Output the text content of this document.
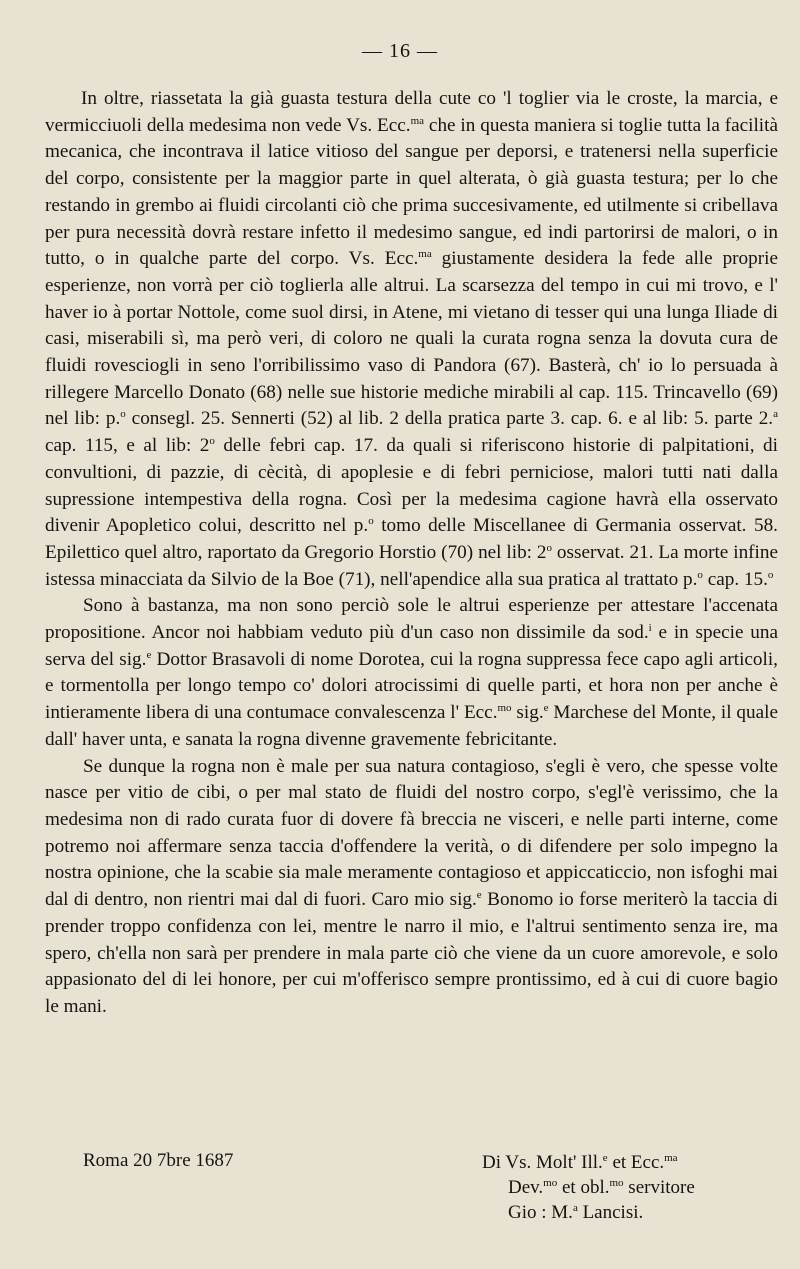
— 16 —

In oltre, riassetata la già guasta testura della cute co 'l toglier via le croste, la marcia, e vermicciuoli della medesima non vede Vs. Ecc.$^{ma}$ che in questa maniera si toglie tutta la facilità mecanica, che incontrava il latice vitioso del sangue per deporsi, e tratenersi nella superficie del corpo, consistente per la maggior parte in quel alterata, ò già guasta testura; per lo che restando in grembo ai fluidi circolanti ciò che prima succesivamente, ed utilmente si cribellava per pura necessità dovrà restare infetto il medesimo sangue, ed indi partorirsi de malori, o in tutto, o in qualche parte del corpo. Vs. Ecc.$^{ma}$ giustamente desidera la fede alle proprie esperienze, non vorrà per ciò toglierla alle altrui. La scarsezza del tempo in cui mi trovo, e l' haver io à portar Nottole, come suol dirsi, in Atene, mi vietano di tesser qui una lunga Iliade di casi, miserabili sì, ma però veri, di coloro ne quali la curata rogna senza la dovuta cura de fluidi rovesciogli in seno l'orribilissimo vaso di Pandora (67). Basterà, ch' io lo persuada à rillegere Marcello Donato (68) nelle sue historie mediche mirabili al cap. 115. Trincavello (69) nel lib: p.$^o$ consegl. 25. Sennerti (52) al lib. 2 della pratica parte 3. cap. 6. e al lib: 5. parte 2.$^a$ cap. 115, e al lib: 2$^o$ delle febri cap. 17. da quali si riferiscono historie di palpitationi, di convultioni, di pazzie, di cècità, di apoplesie e di febri perniciose, malori tutti nati dalla supressione intempestiva della rogna. Così per la medesima cagione havrà ella osservato divenir Apopletico colui, descritto nel p.$^o$ tomo delle Miscellanee di Germania osservat. 58. Epilettico quel altro, raportato da Gregorio Horstio (70) nel lib: 2$^o$ osservat. 21. La morte infine istessa minacciata da Silvio de la Boe (71), nell'apendice alla sua pratica al trattato p.$^o$ cap. 15.$^o$

Sono à bastanza, ma non sono perciò sole le altrui esperienze per attestare l'accenata propositione. Ancor noi habbiam veduto più d'un caso non dissimile da sod.$^i$ e in specie una serva del sig.$^e$ Dottor Brasavoli di nome Dorotea, cui la rogna suppressa fece capo agli articoli, e tormentolla per longo tempo co' dolori atrocissimi di quelle parti, et hora non per anche è intieramente libera di una contumace convalescenza l' Ecc.$^{mo}$ sig.$^e$ Marchese del Monte, il quale dall' haver unta, e sanata la rogna divenne gravemente febricitante.

Se dunque la rogna non è male per sua natura contagioso, s'egli è vero, che spesse volte nasce per vitio de cibi, o per mal stato de fluidi del nostro corpo, s'egl'è verissimo, che la medesima non di rado curata fuor di dovere fà breccia ne visceri, e nelle parti interne, come potremo noi affermare senza taccia d'offendere la verità, o di difendere per solo impegno la nostra opinione, che la scabie sia male meramente contagioso et appiccaticcio, non isfoghi mai dal di dentro, non rientri mai dal di fuori. Caro mio sig.$^e$ Bonomo io forse meriterò la taccia di prender troppo confidenza con lei, mentre le narro il mio, e l'altrui sentimento senza ire, ma spero, ch'ella non sarà per prendere in mala parte ciò che viene da un cuore amorevole, e solo appasionato del di lei honore, per cui m'offerisco sempre prontissimo, ed à cui di cuore bagio le mani.

Roma 20 7bre 1687	Di Vs. Molt' Ill.$^e$ et Ecc.$^{ma}$
Dev.$^{mo}$ et obl.$^{mo}$ servitore
Gio : M.$^a$ Lancisi.
